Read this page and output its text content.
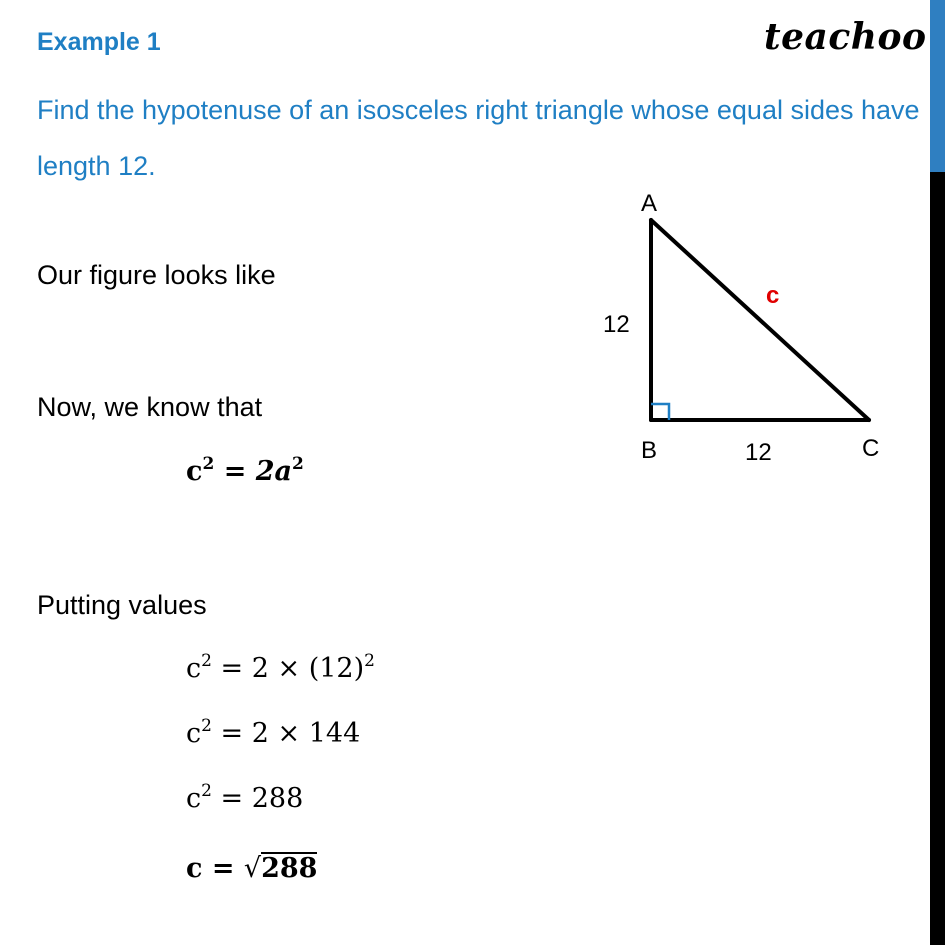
Example 1	teachoo
Find the hypotenuse of an isosceles right triangle whose equal sides have length 12.
Our figure looks like
Now, we know that
$c^2 = 2a^2$
Putting values
$c^2 = 2 \times (12)^2$
$c^2 = 2 \times 144$
$c^2 = 288$
c = √288
A
B	C
12
12
c
